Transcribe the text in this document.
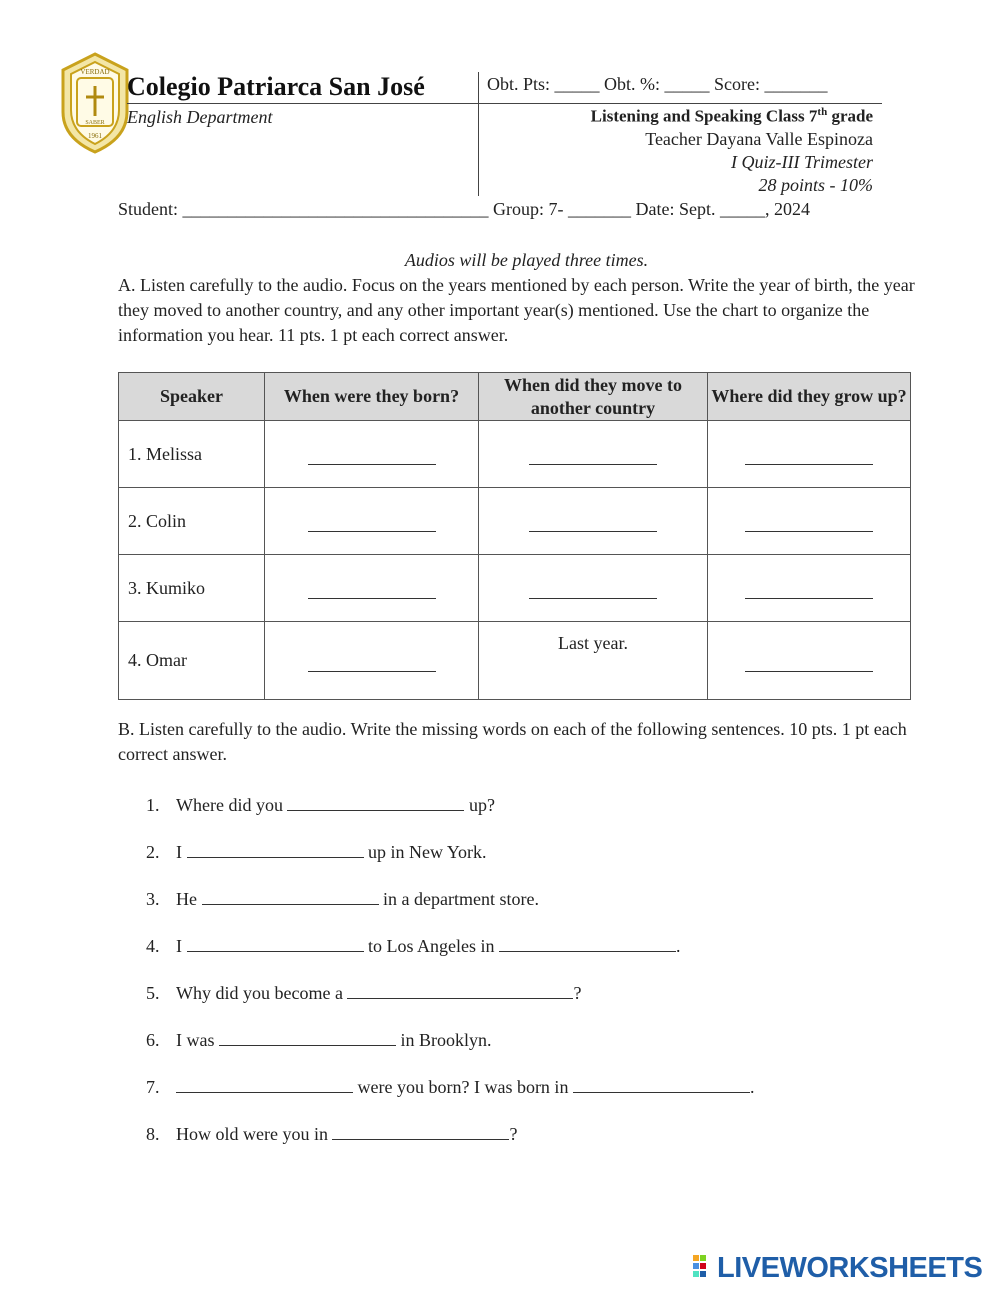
VERDAD
SABER
1961
Colegio Patriarca San José
English Department
Obt. Pts: _____ Obt. %: _____ Score: _______
Listening and Speaking Class 7th grade
Teacher Dayana Valle Espinoza
I Quiz-III Trimester
28 points - 10%
Student: __________________________________ Group: 7- _______ Date: Sept. _____, 2024
Audios will be played three times.
A. Listen carefully to the audio. Focus on the years mentioned by each person. Write the year of birth, the year they moved to another country, and any other important year(s) mentioned. Use the chart to organize the information you hear. 11 pts. 1 pt each correct answer.
Speaker	When were they born?	When did they move to another country	Where did they grow up?
1. Melissa			
2. Colin			
3. Kumiko			
4. Omar		Last year.	
B. Listen carefully to the audio. Write the missing words on each of the following sentences. 10 pts. 1 pt each correct answer.
1. Where did you	up?
2. I	up in New York.
3. He	in a department store.
4. I	to Los Angeles in	.
5. Why did you become a	?
6. I was	in Brooklyn.
7.	were you born? I was born in	.
8. How old were you in	?
LIVEWORKSHEETS
